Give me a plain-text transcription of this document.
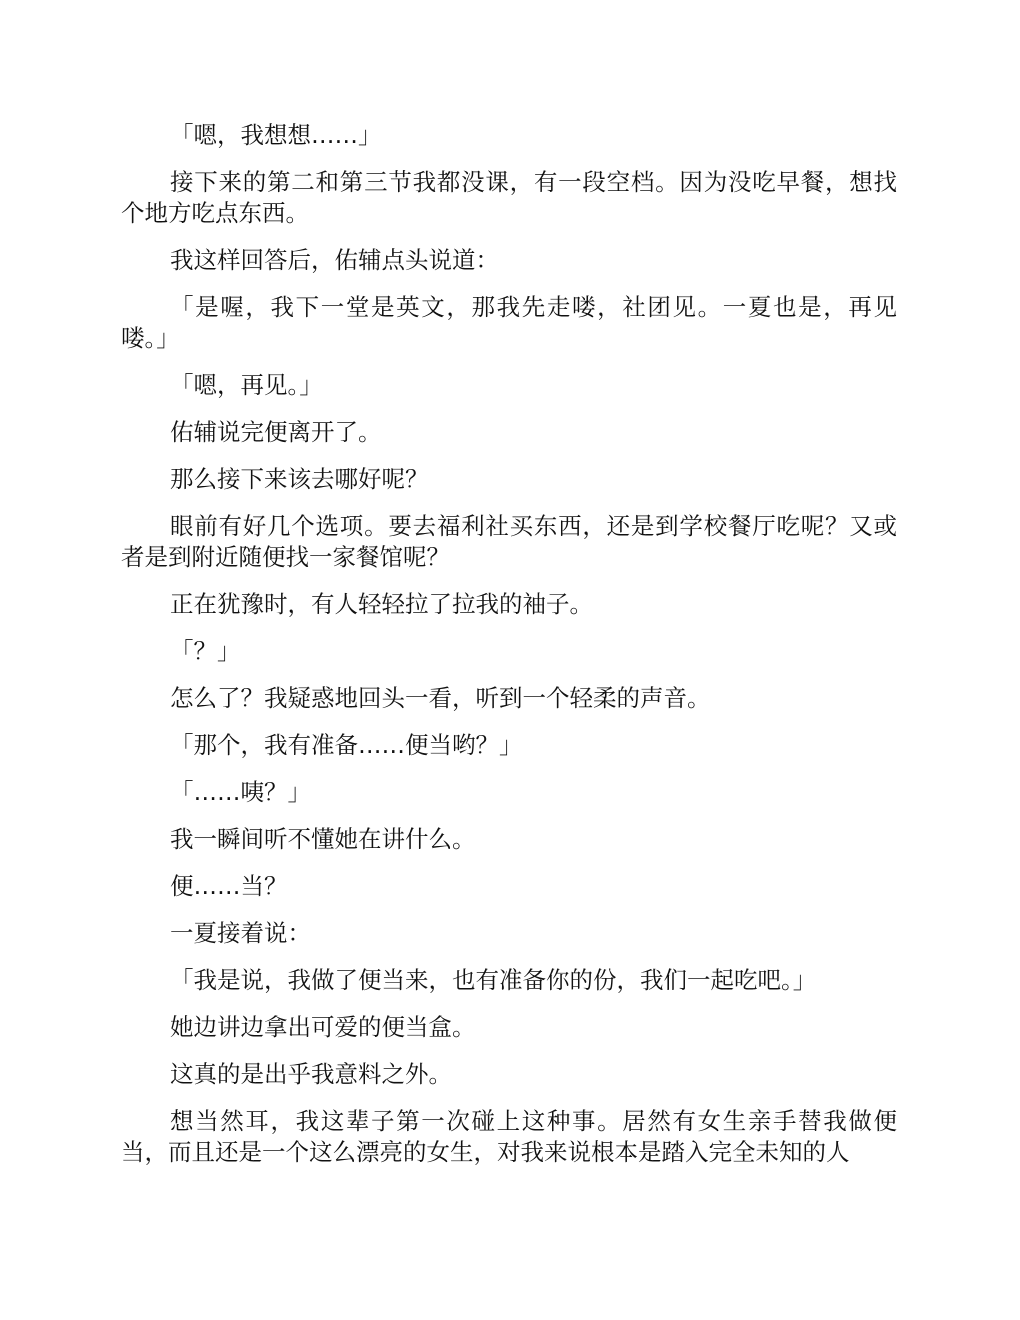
「嗯，我想想……」

接下来的第二和第三节我都没课，有一段空档。因为没吃早餐，想找个地方吃点东西。

我这样回答后，佑辅点头说道：

「是喔，我下一堂是英文，那我先走喽，社团见。一夏也是，再见喽。」

「嗯，再见。」

佑辅说完便离开了。

那么接下来该去哪好呢？

眼前有好几个选项。要去福利社买东西，还是到学校餐厅吃呢？又或者是到附近随便找一家餐馆呢？

正在犹豫时，有人轻轻拉了拉我的袖子。

「？」

怎么了？我疑惑地回头一看，听到一个轻柔的声音。

「那个，我有准备……便当哟？」

「……咦？」

我一瞬间听不懂她在讲什么。

便……当？

一夏接着说：

「我是说，我做了便当来，也有准备你的份，我们一起吃吧。」

她边讲边拿出可爱的便当盒。

这真的是出乎我意料之外。

想当然耳，我这辈子第一次碰上这种事。居然有女生亲手替我做便当，而且还是一个这么漂亮的女生，对我来说根本是踏入完全未知的人
